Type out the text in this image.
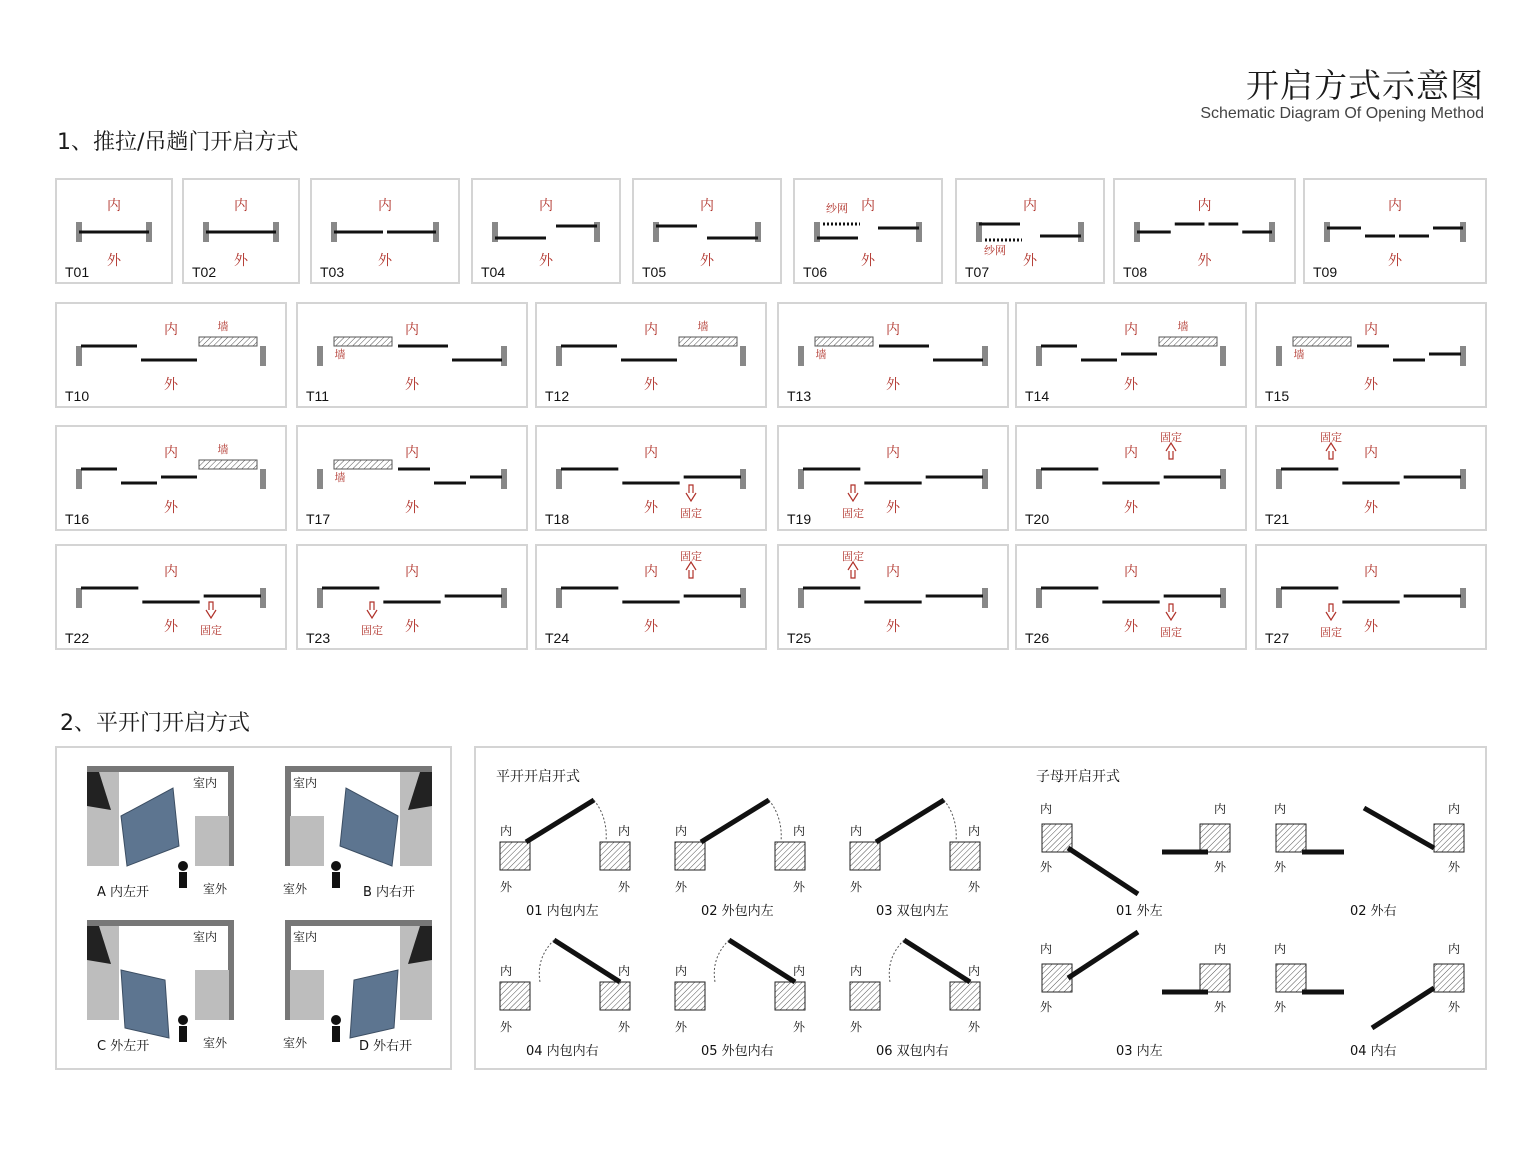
开启方式示意图
Schematic Diagram Of Opening Method
1、推拉/吊趟门开启方式
2、平开门开启方式
内
外
T01
内
外
T02
内
外
T03
内
外
T04
内
外
T05
内
外
纱网
T06
内
外
纱网
T07
内
外
T08
内
外
T09
内
外
墙
T10
内
外
墙
T11
内
外
墙
T12
内
外
墙
T13
内
外
墙
T14
内
外
墙
T15
内
外
墙
T16
内
外
墙
T17
内
外 固定
T18
内
外
固定
T19
内
外
固定
T20
内
外
固定
T21
内
外 固定
T22
内
外
固定
T23
内
外
固定
T24
内
外
固定
T25
内
外 固定
T26
内
外
固定
T27
A 内左开	B 内右开
C 外左开	D 外右开
室内	室内
室内	室内
室外	室外
室外	室外
平开开启开式	子母开启开式
内	内
外	外
01 内包内左
内	内
外	外
02 外包内左
内	内
外	外
03 双包内左
内	内
外	外
04 内包内右
内	内
外	外
05 外包内右
内	内
外	外
06 双包内右
内	内
外	外
01 外左
内	内
外	外
02 外右
内	内
外	外
03 内左
内	内
外	外
04 内右
